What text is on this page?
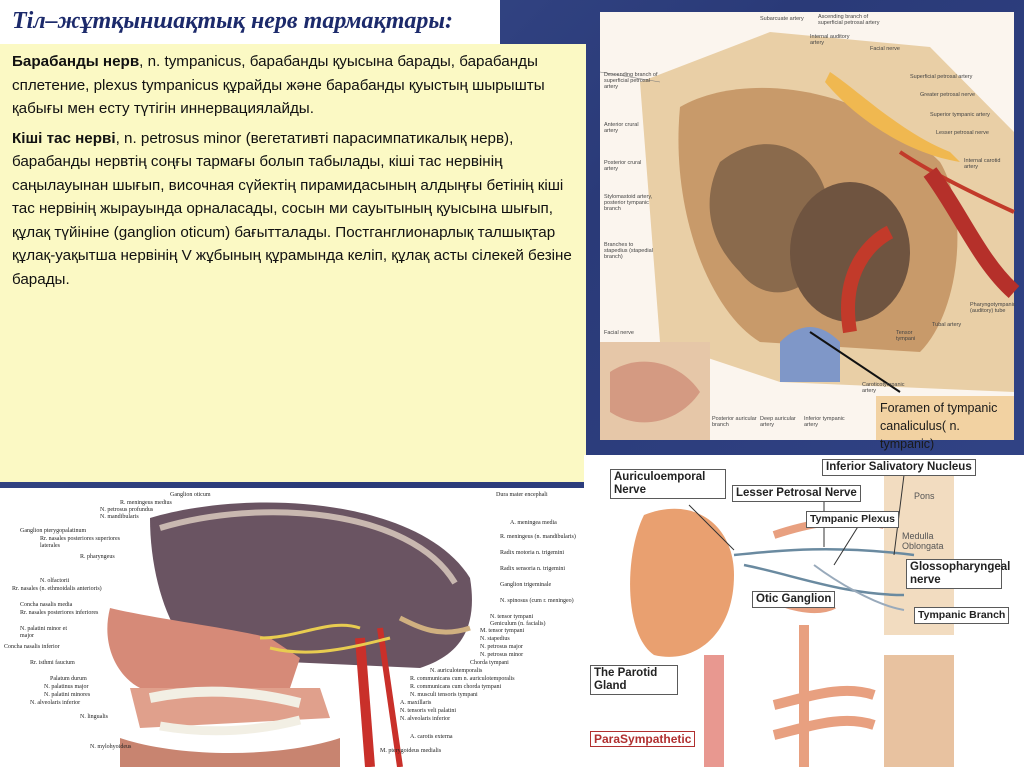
Тіл–жұтқыншақтық нерв тармақтары:

Барабанды нерв, n. tympanicus, барабанды қуысына барады, барабанды сплетение, plexus tympanicus құрайды және барабанды қуыстың шырышты қабығы мен есту түтігін иннервациялайды.

Кіші тас нерві, n. petrosus minor (вегетативті парасимпатикалық нерв), барабанды нервтің соңғы тармағы болып табылады, кіші тас нервінің саңылауынан шығып, височная сүйектің пирамидасының алдыңғы бетінің кіші тас нервінің жырауында орналасады, сосын ми сауытының қуысына шығып, құлақ түйініне (ganglion oticum) бағытталады. Постганглионарлық талшықтар құлақ-уақытша нервінің V жұбының құрамында келіп, құлақ асты сілекей безіне барады.

Subarcuate artery	Ascending branch of superficial petrosal artery
Internal auditory artery
Facial nerve
Descending branch of superficial petrosal artery
Superficial petrosal artery
Greater petrosal nerve
Anterior crural artery
Superior tympanic artery
Lesser petrosal nerve
Posterior crural artery
Internal carotid artery
Stylomastoid artery, posterior tympanic branch
Branches to stapedius (stapedial branch)
Pharyngotympanic (auditory) tube
Facial nerve	Tensor tympani
Tubal artery
Posterior auricular branch
Deep auricular artery
Inferior tympanic artery
Caroticotympanic artery
Foramen of tympanic
canaliculus( n. tympanic)
Ganglion oticum
R. meningeus medius
N. petrosus profundus
N. mandibularis
Ganglion pterygopalatinum
Rr. nasales posteriores superiores laterales
R. pharyngeus
N. olfactorii
Rr. nasales (n. ethmoidalis anterioris)
Concha nasalis media
Rr. nasales posteriores inferiores
N. palatini minor et major
Concha nasalis inferior
Rr. isthmi faucium
Palatum durum
N. palatinus major
N. palatini minores
N. alveolaris inferior
N. lingualis
N. mylohyoideus
Dura mater encephali
A. meningea media
R. meningeus (n. mandibularis)
Radix motoria n. trigemini
Radix sensoria n. trigemini
Ganglion trigeminale
N. spinosus (cum r. meningeo)
N. tensor tympani
Geniculum (n. facialis)
M. tensor tympani
N. stapedius
N. petrosus major
N. petrosus minor
Chorda tympani
N. auriculotemporalis
R. communicans cum n. auriculotemporalis
R. communicans cum chorda tympani
N. musculi tensoris tympani
A. maxillaris
N. tensoris veli palatini
N. alveolaris inferior
A. carotis externa
M. pterygoideus medialis
Inferior Salivatory Nucleus
Auriculoemporal Nerve	Lesser Petrosal Nerve
Tympanic Plexus
Pons
Medulla Oblongata
Glossopharyngeal nerve
Otic Ganglion
Tympanic Branch
The Parotid Gland
ParaSympathetic
